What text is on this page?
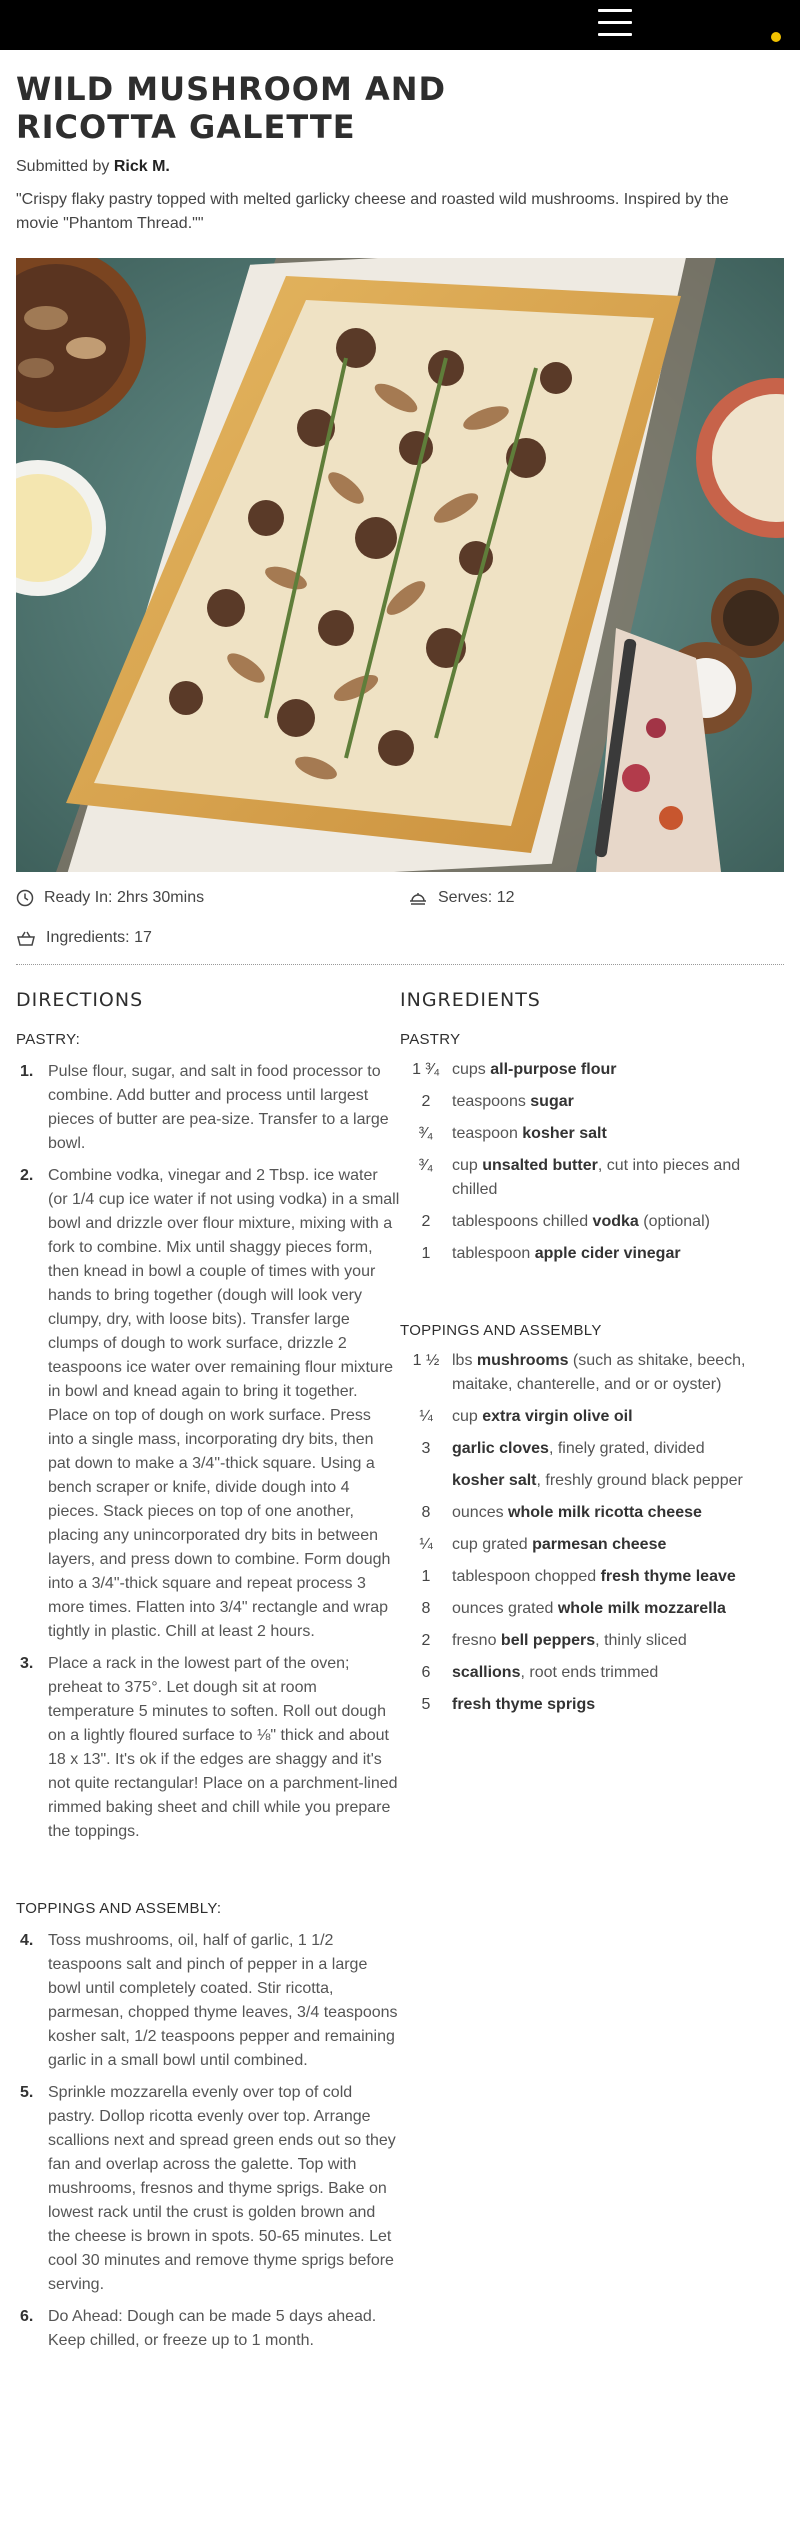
WILD MUSHROOM AND RICOTTA GALETTE
Submitted by Rick M.

"Crispy flaky pastry topped with melted garlicky cheese and roasted wild mushrooms. Inspired by the movie "Phantom Thread.""

Ready In:
2hrs 30mins	Serves:
12
Ingredients:
17
DIRECTIONS
PASTRY:
1. Pulse flour, sugar, and salt in food processor to combine. Add butter and process until largest pieces of butter are pea-size. Transfer to a large bowl.
2. Combine vodka, vinegar and 2 Tbsp. ice water (or 1/4 cup ice water if not using vodka) in a small bowl and drizzle over flour mixture, mixing with a fork to combine. Mix until shaggy pieces form, then knead in bowl a couple of times with your hands to bring together (dough will look very clumpy, dry, with loose bits). Transfer large clumps of dough to work surface, drizzle 2 teaspoons ice water over remaining flour mixture in bowl and knead again to bring it together. Place on top of dough on work surface. Press into a single mass, incorporating dry bits, then pat down to make a 3/4"-thick square. Using a bench scraper or knife, divide dough into 4 pieces. Stack pieces on top of one another, placing any unincorporated dry bits in between layers, and press down to combine. Form dough into a 3/4"-thick square and repeat process 3 more times. Flatten into 3/4" rectangle and wrap tightly in plastic. Chill at least 2 hours.
3. Place a rack in the lowest part of the oven; preheat to 375°. Let dough sit at room temperature 5 minutes to soften. Roll out dough on a lightly floured surface to ⅛" thick and about 18 x 13". It's ok if the edges are shaggy and it's not quite rectangular! Place on a parchment-lined rimmed baking sheet and chill while you prepare the toppings.
TOPPINGS AND ASSEMBLY:
4. Toss mushrooms, oil, half of garlic, 1 1/2 teaspoons salt and pinch of pepper in a large bowl until completely coated. Stir ricotta, parmesan, chopped thyme leaves, 3/4 teaspoons kosher salt, 1/2 teaspoons pepper and remaining garlic in a small bowl until combined.
5. Sprinkle mozzarella evenly over top of cold pastry. Dollop ricotta evenly over top. Arrange scallions next and spread green ends out so they fan and overlap across the galette. Top with mushrooms, fresnos and thyme sprigs. Bake on lowest rack until the crust is golden brown and the cheese is brown in spots. 50-65 minutes. Let cool 30 minutes and remove thyme sprigs before serving.
6. Do Ahead: Dough can be made 5 days ahead. Keep chilled, or freeze up to 1 month.
INGREDIENTS
PASTRY
1 ³⁄₄ cups all-purpose flour
2	teaspoons sugar
³⁄₄	teaspoon kosher salt
³⁄₄	cup unsalted butter, cut into pieces and chilled
2	tablespoons chilled vodka (optional)
1	tablespoon apple cider vinegar
TOPPINGS AND ASSEMBLY
1 ½ lbs mushrooms (such as shitake, beech, maitake, chanterelle, and or or oyster)
¼	cup extra virgin olive oil
3	garlic cloves, finely grated, divided
kosher salt, freshly ground black pepper
8	ounces whole milk ricotta cheese
¼	cup grated parmesan cheese
1	tablespoon chopped fresh thyme leave
8	ounces grated whole milk mozzarella
2	fresno bell peppers, thinly sliced
6	scallions, root ends trimmed
5	fresh thyme sprigs
